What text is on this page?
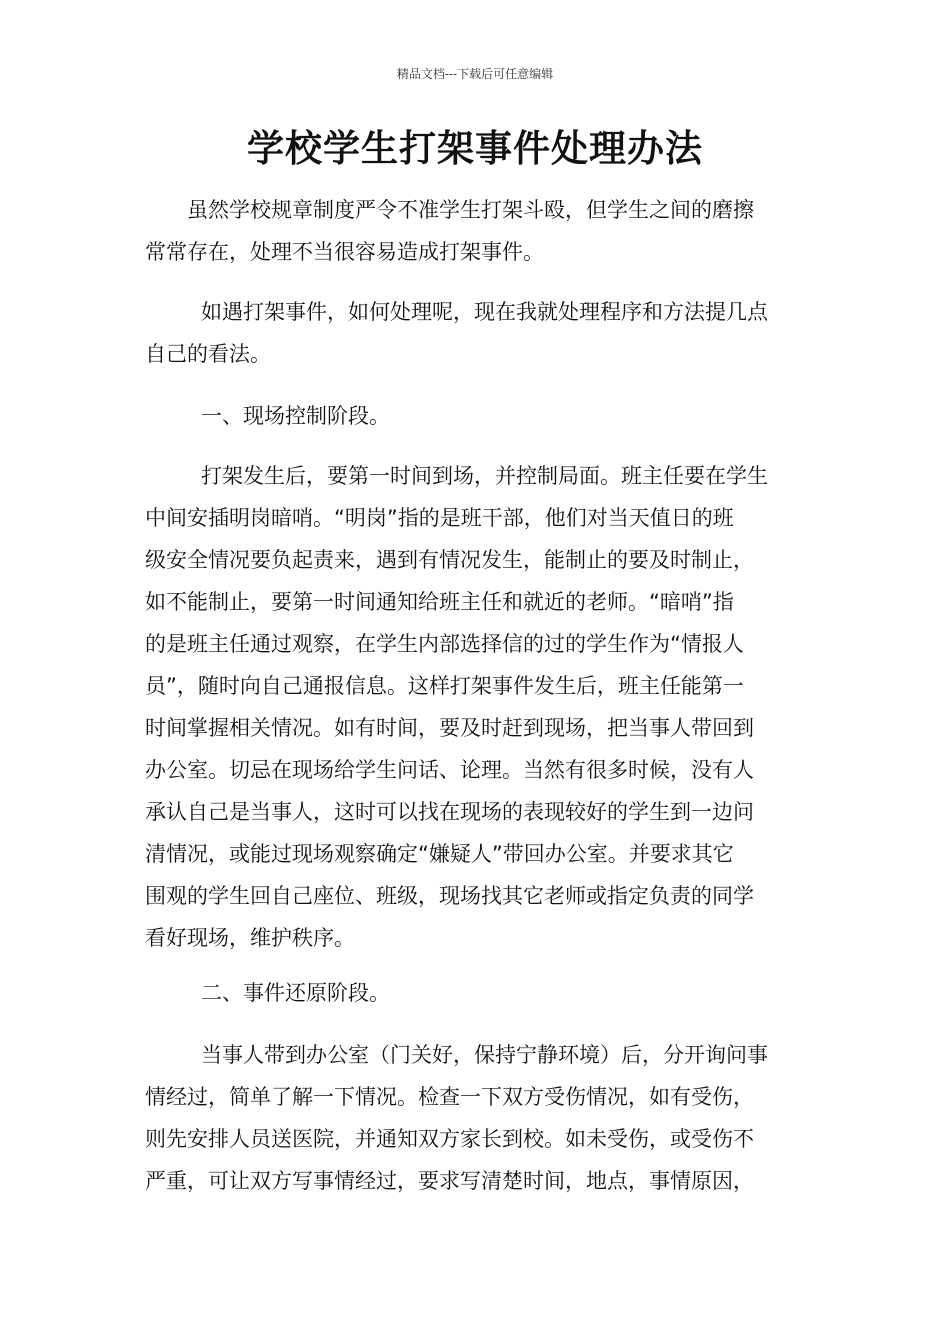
精品文档---下载后可任意编辑
学校学生打架事件处理办法
虽然学校规章制度严令不准学生打架斗殴，但学生之间的磨擦
常常存在，处理不当很容易造成打架事件。
如遇打架事件，如何处理呢，现在我就处理程序和方法提几点
自己的看法。
一、现场控制阶段。
打架发生后，要第一时间到场，并控制局面。班主任要在学生
中间安插明岗暗哨。“明岗”指的是班干部，他们对当天值日的班
级安全情况要负起责来，遇到有情况发生，能制止的要及时制止，
如不能制止，要第一时间通知给班主任和就近的老师。“暗哨”指
的是班主任通过观察，在学生内部选择信的过的学生作为“情报人
员”，随时向自己通报信息。这样打架事件发生后，班主任能第一
时间掌握相关情况。如有时间，要及时赶到现场，把当事人带回到
办公室。切忌在现场给学生问话、论理。当然有很多时候，没有人
承认自己是当事人，这时可以找在现场的表现较好的学生到一边问
清情况，或能过现场观察确定“嫌疑人”带回办公室。并要求其它
围观的学生回自己座位、班级，现场找其它老师或指定负责的同学
看好现场，维护秩序。
二、事件还原阶段。
当事人带到办公室（门关好，保持宁静环境）后，分开询问事
情经过，简单了解一下情况。检查一下双方受伤情况，如有受伤，
则先安排人员送医院，并通知双方家长到校。如未受伤，或受伤不
严重，可让双方写事情经过，要求写清楚时间，地点，事情原因，
